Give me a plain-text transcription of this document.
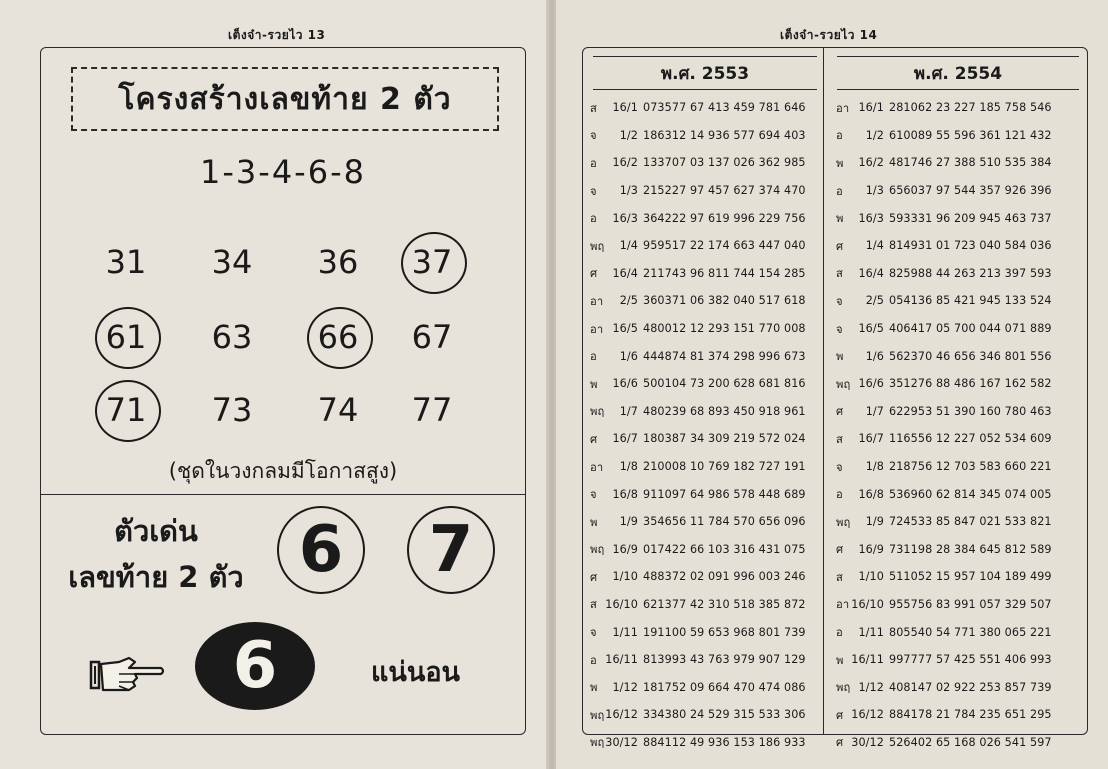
เต็งจ๋า-รวยไว 13
โครงสร้างเลขท้าย 2 ตัว
1-3-4-6-8
31	34	36	37
61	63	66	67
71	73	74	77
(ชุดในวงกลมมีโอกาสสูง)
ตัวเด่น
เลขท้าย 2 ตัว 6	7
6	แน่นอน
เต็งจ๋า-รวยไว 14
พ.ศ. 2553
ส	16/1 073577 67 413 459 781 646
จ	1/2 186312 14 936 577 694 403
อ	16/2 133707 03 137 026 362 985
จ	1/3 215227 97 457 627 374 470
อ	16/3 364222 97 619 996 229 756
พฤ	1/4 959517 22 174 663 447 040
ศ	16/4 211743 96 811 744 154 285
อา	2/5 360371 06 382 040 517 618
อา 16/5 480012 12 293 151 770 008
อ	1/6 444874 81 374 298 996 673
พ	16/6 500104 73 200 628 681 816
พฤ	1/7 480239 68 893 450 918 961
ศ	16/7 180387 34 309 219 572 024
อา	1/8 210008 10 769 182 727 191
จ	16/8 911097 64 986 578 448 689
พ	1/9 354656 11 784 570 656 096
พฤ 16/9 017422 66 103 316 431 075
ศ	1/10 488372 02 091 996 003 246
ส 16/10 621377 42 310 518 385 872
จ	1/11 191100 59 653 968 801 739
อ 16/11 813993 43 763 979 907 129
พ	1/12 181752 09 664 470 474 086
พฤ 16/12 334380 24 529 315 533 306
พฤ 30/12 884112 49 936 153 186 933
พ.ศ. 2554
อา 16/1 281062 23 227 185 758 546
อ	1/2 610089 55 596 361 121 432
พ	16/2 481746 27 388 510 535 384
อ	1/3 656037 97 544 357 926 396
พ	16/3 593331 96 209 945 463 737
ศ	1/4 814931 01 723 040 584 036
ส	16/4 825988 44 263 213 397 593
จ	2/5 054136 85 421 945 133 524
จ	16/5 406417 05 700 044 071 889
พ	1/6 562370 46 656 346 801 556
พฤ 16/6 351276 88 486 167 162 582
ศ	1/7 622953 51 390 160 780 463
ส	16/7 116556 12 227 052 534 609
จ	1/8 218756 12 703 583 660 221
อ	16/8 536960 62 814 345 074 005
พฤ	1/9 724533 85 847 021 533 821
ศ	16/9 731198 28 384 645 812 589
ส	1/10 511052 15 957 104 189 499
อา 16/10 955756 83 991 057 329 507
อ	1/11 805540 54 771 380 065 221
พ 16/11 997777 57 425 551 406 993
พฤ 1/12 408147 02 922 253 857 739
ศ 16/12 884178 21 784 235 651 295
ศ 30/12 526402 65 168 026 541 597
